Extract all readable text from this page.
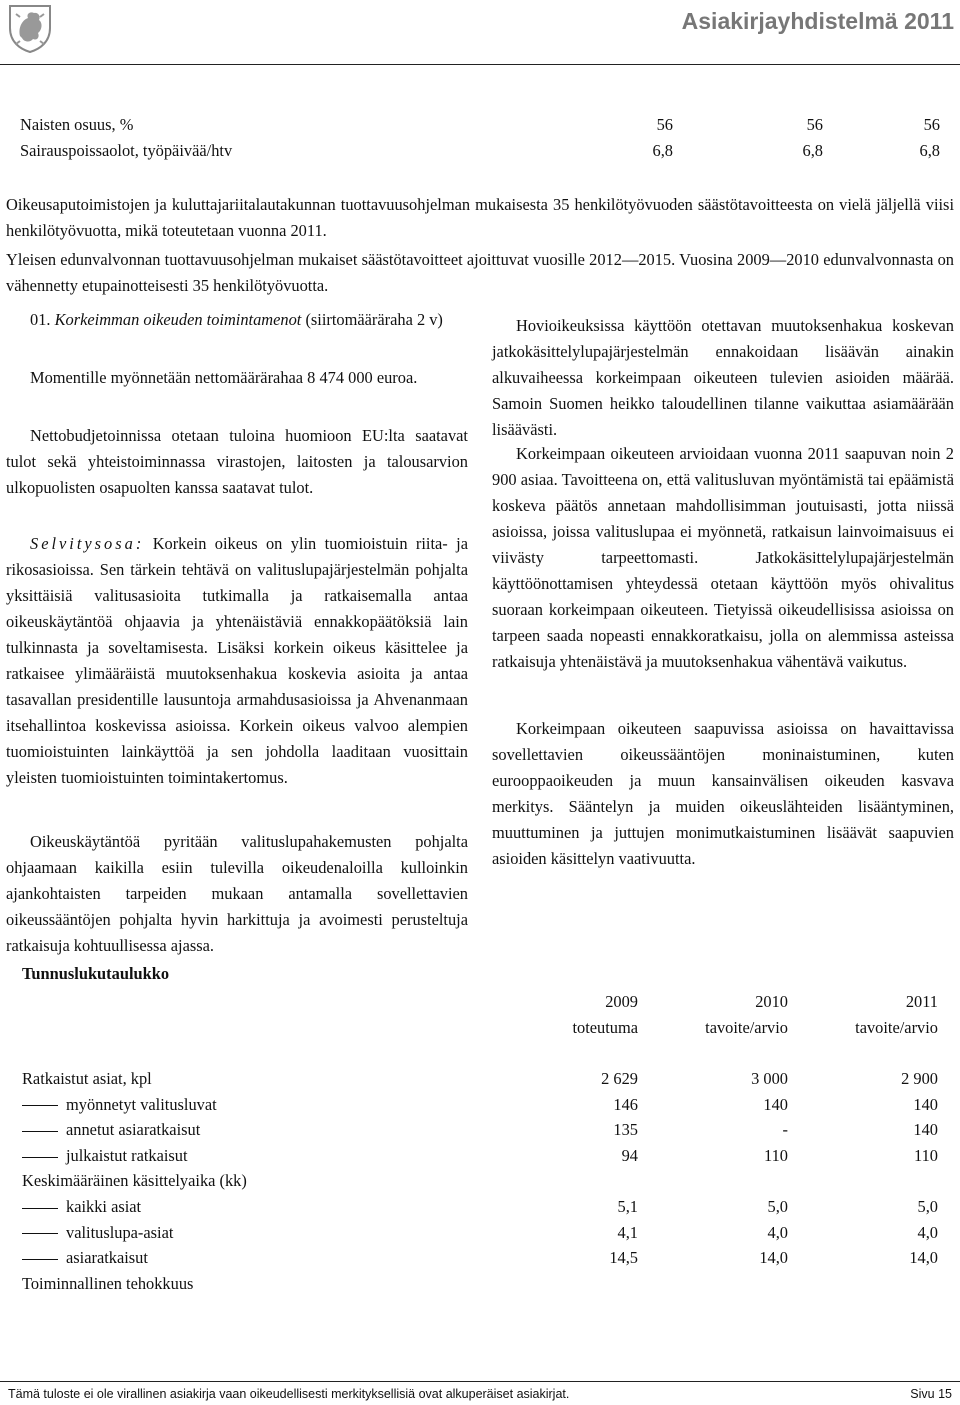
Asiakirjayhdistelmä 2011
Naisten osuus, %	56	56	56
Sairauspoissaolot, työpäivää/htv	6,8	6,8	6,8
Oikeusaputoimistojen ja kuluttajariitalautakunnan tuottavuusohjelman mukaisesta 35 henkilötyövuoden säästötavoitteesta on vielä jäljellä viisi henkilötyövuotta, mikä toteutetaan vuonna 2011.
Yleisen edunvalvonnan tuottavuusohjelman mukaiset säästötavoitteet ajoittuvat vuosille 2012—2015. Vuosina 2009—2010 edunvalvonnasta on vähennetty etupainotteisesti 35 henkilötyövuotta.
01. Korkeimman oikeuden toimintamenot (siirtomääräraha 2 v)
Momentille myönnetään nettomäärärahaa 8 474 000 euroa.
Nettobudjetoinnissa otetaan tuloina huomioon EU:lta saatavat tulot sekä yhteistoiminnassa virastojen, laitosten ja talousarvion ulkopuolisten osapuolten kanssa saatavat tulot.
Selvitysosa: Korkein oikeus on ylin tuomioistuin riita- ja rikosasioissa. Sen tärkein tehtävä on valituslupajärjestelmän pohjalta yksittäisiä valitusasioita tutkimalla ja ratkaisemalla antaa oikeuskäytäntöä ohjaavia ja yhtenäistäviä ennakkopäätöksiä lain tulkinnasta ja soveltamisesta. Lisäksi korkein oikeus käsittelee ja ratkaisee ylimääräistä muutoksenhakua koskevia asioita ja antaa tasavallan presidentille lausuntoja armahdusasioissa ja Ahvenanmaan itsehallintoa koskevissa asioissa. Korkein oikeus valvoo alempien tuomioistuinten lainkäyttöä ja sen johdolla laaditaan vuosittain yleisten tuomioistuinten toimintakertomus.
Oikeuskäytäntöä pyritään valituslupahakemusten pohjalta ohjaamaan kaikilla esiin tulevilla oikeudenaloilla kulloinkin ajankohtaisten tarpeiden mukaan antamalla sovellettavien oikeussääntöjen pohjalta hyvin harkittuja ja avoimesti perusteltuja ratkaisuja kohtuullisessa ajassa.
Hovioikeuksissa käyttöön otettavan muutoksenhakua koskevan jatkokäsittelylupajärjestelmän ennakoidaan lisäävän ainakin alkuvaiheessa korkeimpaan oikeuteen tulevien asioiden määrää. Samoin Suomen heikko taloudellinen tilanne vaikuttaa asiamäärään lisäävästi.
Korkeimpaan oikeuteen arvioidaan vuonna 2011 saapuvan noin 2 900 asiaa. Tavoitteena on, että valitusluvan myöntämistä tai epäämistä koskeva päätös annetaan mahdollisimman joutuisasti, jotta niissä asioissa, joissa valituslupaa ei myönnetä, ratkaisun lainvoimaisuus ei viivästy tarpeettomasti. Jatkokäsittelylupajärjestelmän käyttöönottamisen yhteydessä otetaan käyttöön myös ohivalitus suoraan korkeimpaan oikeuteen. Tietyissä oikeudellisissa asioissa on tarpeen saada nopeasti ennakkoratkaisu, jolla on alemmissa asteissa ratkaisuja yhtenäistävä ja muutoksenhakua vähentävä vaikutus.
Korkeimpaan oikeuteen saapuvissa asioissa on havaittavissa sovellettavien oikeussääntöjen moninaistuminen, kuten eurooppaoikeuden ja muun kansainvälisen oikeuden kasvava merkitys. Sääntelyn ja muiden oikeuslähteiden lisääntyminen, muuttuminen ja juttujen monimutkaistuminen lisäävät saapuvien asioiden käsittelyn vaativuutta.
Tunnuslukutaulukko
2009	2010	2011
toteutuma	tavoite/arvio	tavoite/arvio
Ratkaistut asiat, kpl	2 629	3 000	2 900
myönnetyt valitusluvat	146	140	140
annetut asiaratkaisut	135	-	140
julkaistut ratkaisut	94	110	110
Keskimääräinen käsittelyaika (kk)
kaikki asiat	5,1	5,0	5,0
valituslupa-asiat	4,1	4,0	4,0
asiaratkaisut	14,5	14,0	14,0
Toiminnallinen tehokkuus
Tämä tuloste ei ole virallinen asiakirja vaan oikeudellisesti merkityksellisiä ovat alkuperäiset asiakirjat.	Sivu 15
